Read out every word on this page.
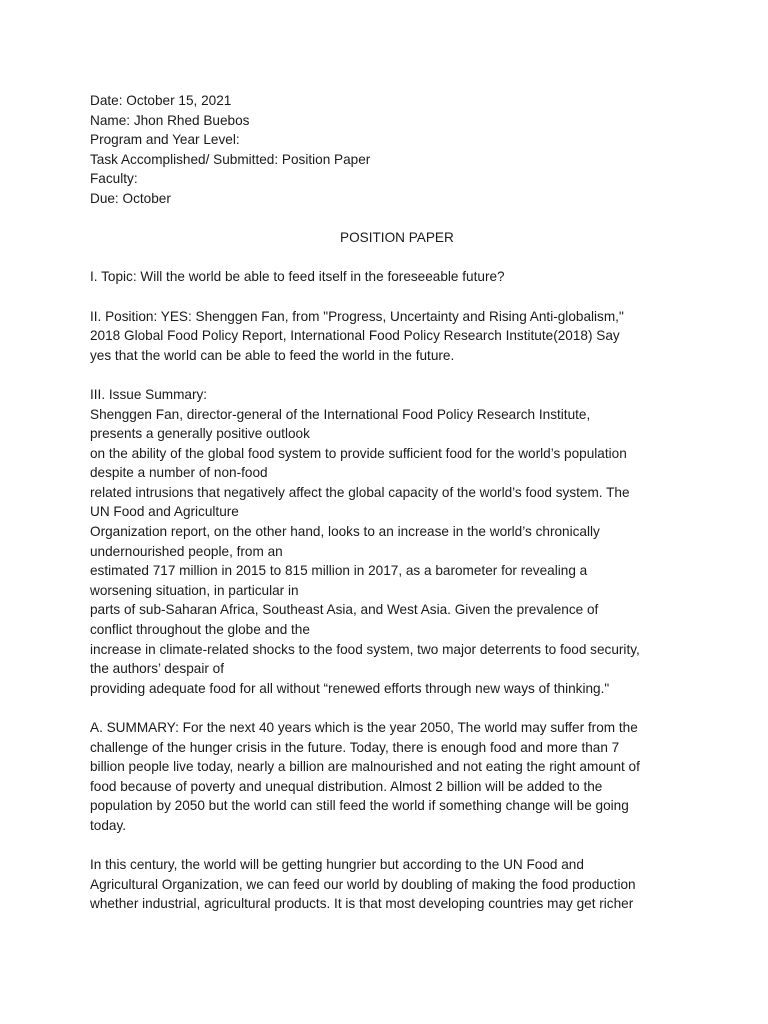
Date: October 15, 2021
Name: Jhon Rhed Buebos
Program and Year Level:
Task Accomplished/ Submitted: Position Paper
Faculty:
Due: October
POSITION PAPER
I. Topic: Will the world be able to feed itself in the foreseeable future?
II. Position: YES: Shenggen Fan, from "Progress, Uncertainty and Rising Anti-globalism,"
2018 Global Food Policy Report, International Food Policy Research Institute(2018) Say
yes that the world can be able to feed the world in the future.
III. Issue Summary:
Shenggen Fan, director-general of the International Food Policy Research Institute,
presents a generally positive outlook
on the ability of the global food system to provide sufficient food for the world’s population
despite a number of non-food
related intrusions that negatively affect the global capacity of the world’s food system. The
UN Food and Agriculture
Organization report, on the other hand, looks to an increase in the world’s chronically
undernourished people, from an
estimated 717 million in 2015 to 815 million in 2017, as a barometer for revealing a
worsening situation, in particular in
parts of sub-Saharan Africa, Southeast Asia, and West Asia. Given the prevalence of
conflict throughout the globe and the
increase in climate-related shocks to the food system, two major deterrents to food security,
the authors’ despair of
providing adequate food for all without “renewed efforts through new ways of thinking."
A. SUMMARY: For the next 40 years which is the year 2050, The world may suffer from the
challenge of the hunger crisis in the future. Today, there is enough food and more than 7
billion people live today, nearly a billion are malnourished and not eating the right amount of
food because of poverty and unequal distribution. Almost 2 billion will be added to the
population by 2050 but the world can still feed the world if something change will be going
today.
In this century, the world will be getting hungrier but according to the UN Food and
Agricultural Organization, we can feed our world by doubling of making the food production
whether industrial, agricultural products. It is that most developing countries may get richer
